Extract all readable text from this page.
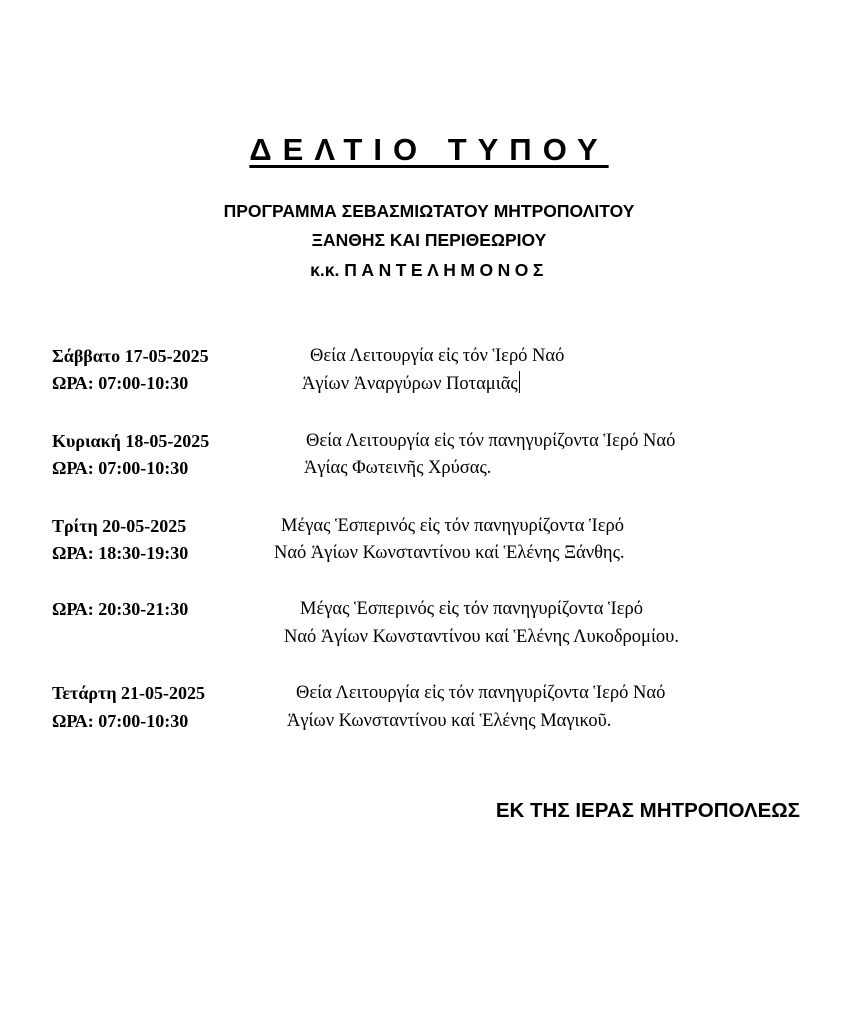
ΔΕΛΤΙΟ ΤΥΠΟΥ
ΠΡΟΓΡΑΜΜΑ ΣΕΒΑΣΜΙΩΤΑΤΟΥ ΜΗΤΡΟΠΟΛΙΤΟΥ
ΞΑΝΘΗΣ ΚΑΙ ΠΕΡΙΘΕΩΡΙΟΥ
κ.κ. ΠΑΝΤΕΛΗΜΟΝΟΣ
Σάββατο 17-05-2025
ΩΡΑ: 07:00-10:30
Θεία Λειτουργία εἰς τόν Ἱερό Ναό
Ἁγίων Ἀναργύρων Ποταμιᾶς
Κυριακή 18-05-2025
ΩΡΑ: 07:00-10:30
Θεία Λειτουργία εἰς τόν πανηγυρίζοντα Ἱερό Ναό
Ἁγίας Φωτεινῆς Χρύσας.
Τρίτη 20-05-2025
ΩΡΑ: 18:30-19:30
Μέγας Ἑσπερινός εἰς τόν πανηγυρίζοντα Ἱερό
Ναό Ἁγίων Κωνσταντίνου καί Ἑλένης Ξάνθης.
ΩΡΑ: 20:30-21:30	Μέγας Ἑσπερινός εἰς τόν πανηγυρίζοντα Ἱερό
Ναό Ἁγίων Κωνσταντίνου καί Ἑλένης Λυκοδρομίου.
Τετάρτη 21-05-2025
ΩΡΑ: 07:00-10:30
Θεία Λειτουργία εἰς τόν πανηγυρίζοντα Ἱερό Ναό
Ἁγίων Κωνσταντίνου καί Ἑλένης Μαγικοῦ.
ΕΚ ΤΗΣ ΙΕΡΑΣ ΜΗΤΡΟΠΟΛΕΩΣ
